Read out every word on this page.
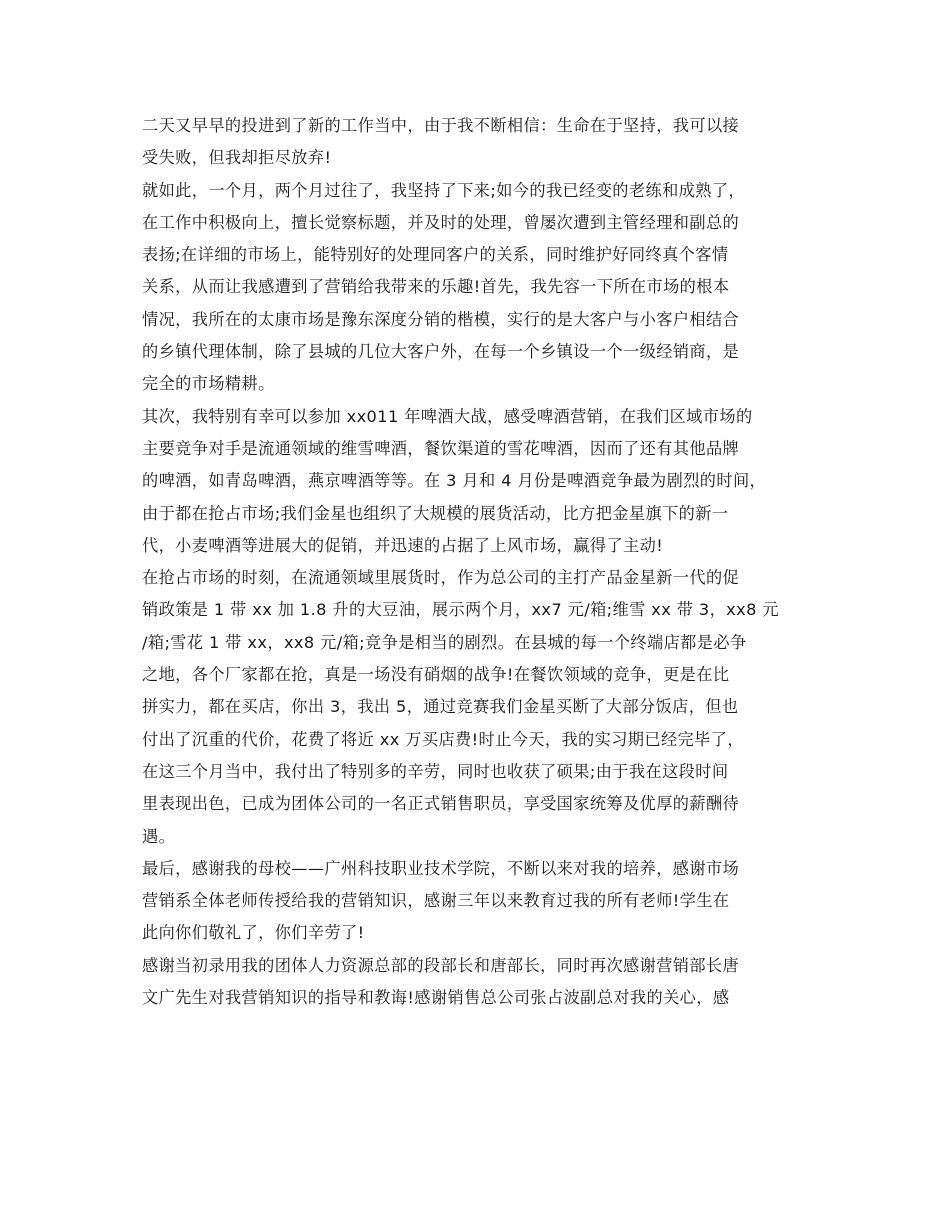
二天又早早的投进到了新的工作当中，由于我不断相信：生命在于坚持，我可以接
受失败，但我却拒尽放弃!
就如此，一个月，两个月过往了，我坚持了下来;如今的我已经变的老练和成熟了，
在工作中积极向上，擅长觉察标题，并及时的处理，曾屡次遭到主管经理和副总的
表扬;在详细的市场上，能特别好的处理同客户的关系，同时维护好同终真个客情
关系，从而让我感遭到了营销给我带来的乐趣!首先，我先容一下所在市场的根本
情况，我所在的太康市场是豫东深度分销的楷模，实行的是大客户与小客户相结合
的乡镇代理体制，除了县城的几位大客户外，在每一个乡镇设一个一级经销商，是
完全的市场精耕。
其次，我特别有幸可以参加 xx011 年啤酒大战，感受啤酒营销，在我们区域市场的
主要竞争对手是流通领域的维雪啤酒，餐饮渠道的雪花啤酒，因而了还有其他品牌
的啤酒，如青岛啤酒，燕京啤酒等等。在 3 月和 4 月份是啤酒竞争最为剧烈的时间，
由于都在抢占市场;我们金星也组织了大规模的展货活动，比方把金星旗下的新一
代，小麦啤酒等进展大的促销，并迅速的占据了上风市场，赢得了主动!
在抢占市场的时刻，在流通领域里展货时，作为总公司的主打产品金星新一代的促
销政策是 1 带 xx 加 1.8 升的大豆油，展示两个月，xx7 元/箱;维雪 xx 带 3，xx8 元
/箱;雪花 1 带 xx，xx8 元/箱;竞争是相当的剧烈。在县城的每一个终端店都是必争
之地，各个厂家都在抢，真是一场没有硝烟的战争!在餐饮领域的竞争，更是在比
拼实力，都在买店，你出 3，我出 5，通过竞赛我们金星买断了大部分饭店，但也
付出了沉重的代价，花费了将近 xx 万买店费!时止今天，我的实习期已经完毕了，
在这三个月当中，我付出了特别多的辛劳，同时也收获了硕果;由于我在这段时间
里表现出色，已成为团体公司的一名正式销售职员，享受国家统筹及优厚的薪酬待
遇。
最后，感谢我的母校——广州科技职业技术学院，不断以来对我的培养，感谢市场
营销系全体老师传授给我的营销知识，感谢三年以来教育过我的所有老师!学生在
此向你们敬礼了，你们辛劳了!
感谢当初录用我的团体人力资源总部的段部长和唐部长，同时再次感谢营销部长唐
文广先生对我营销知识的指导和教诲!感谢销售总公司张占波副总对我的关心，感
